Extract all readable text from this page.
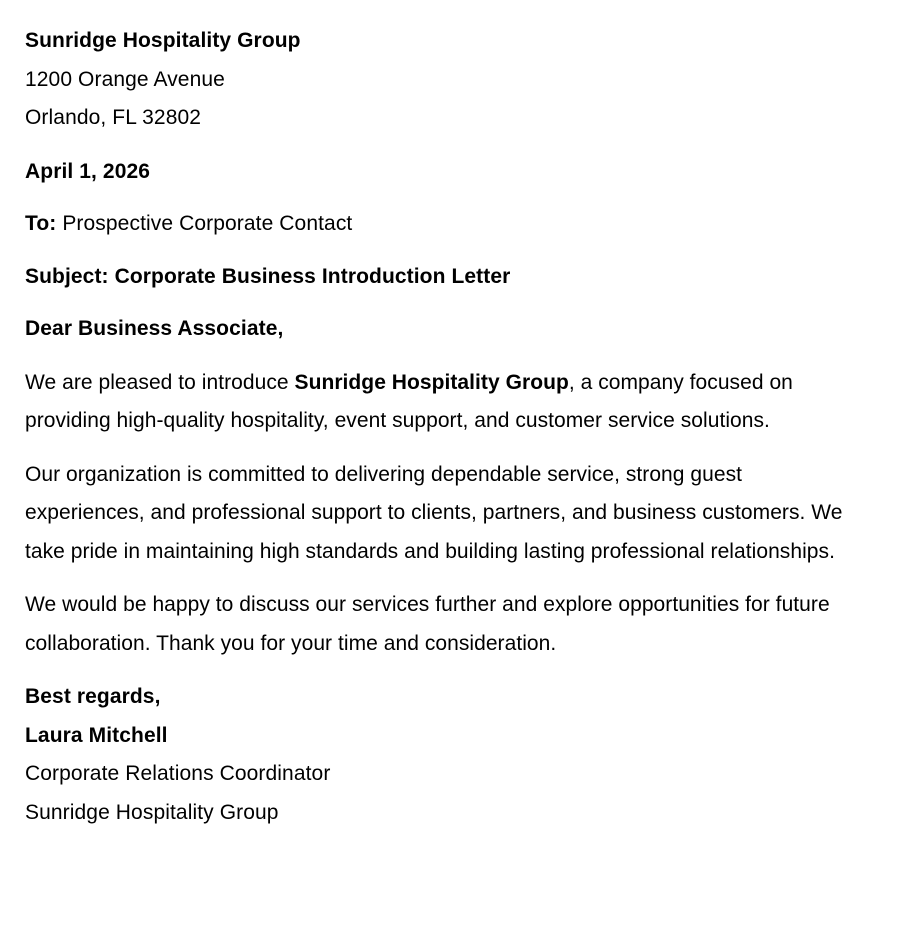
Sunridge Hospitality Group
1200 Orange Avenue
Orlando, FL 32802
April 1, 2026
To: Prospective Corporate Contact
Subject: Corporate Business Introduction Letter
Dear Business Associate,

We are pleased to introduce Sunridge Hospitality Group, a company focused on providing high-quality hospitality, event support, and customer service solutions.

Our organization is committed to delivering dependable service, strong guest experiences, and professional support to clients, partners, and business customers. We take pride in maintaining high standards and building lasting professional relationships.

We would be happy to discuss our services further and explore opportunities for future collaboration. Thank you for your time and consideration.

Best regards,
Laura Mitchell
Corporate Relations Coordinator
Sunridge Hospitality Group
